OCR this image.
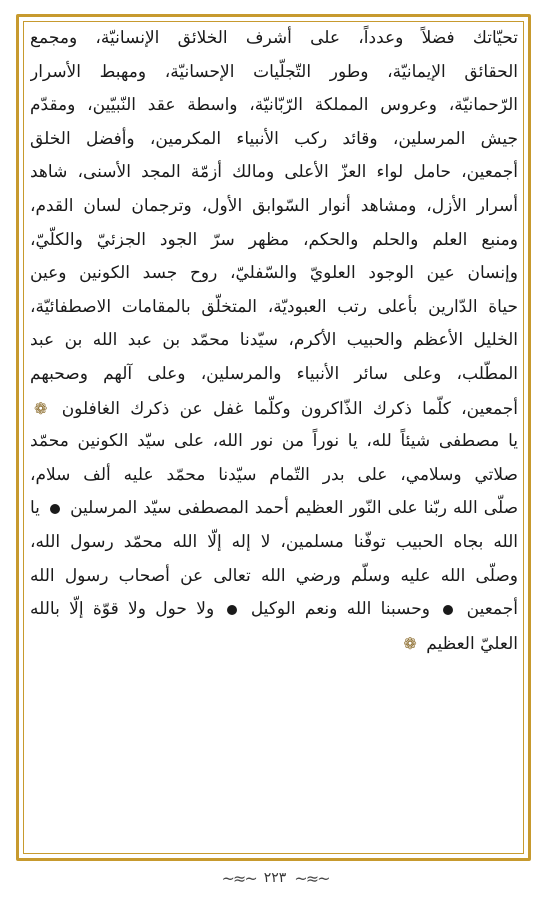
تحيّاتك فضلاً وعدداً، على أشرف الخلائق الإنسانيّة، ومجمع
الحقائق الإيمانيّة، وطور التّجلّيات الإحسانيّة، ومهبط الأسرار
الرّحمانيّة، وعروس المملكة الرّبّانيّة، واسطة عقد النّبيّين، ومقدّم
جيش المرسلين، وقائد ركب الأنبياء المكرمين، وأفضل الخلق
أجمعين، حامل لواء العزّ الأعلى ومالك أزمّة المجد الأسنى، شاهد
أسرار الأزل، ومشاهد أنوار السّوابق الأول، وترجمان لسان القدم،
ومنبع العلم والحلم والحكم، مظهر سرّ الجود الجزئيّ والكلّيّ،
وإنسان عين الوجود العلويّ والسّفليّ، روح جسد الكونين وعين
حياة الدّارين بأعلى رتب العبوديّة، المتخلّق بالمقامات الاصطفائيّة،
الخليل الأعظم والحبيب الأكرم، سيّدنا محمّد بن عبد الله بن عبد
المطّلب، وعلى سائر الأنبياء والمرسلين، وعلى آلهم وصحبهم
أجمعين، كلّما ذكرك الذّاكرون وكلّما غفل عن ذكرك الغافلون ❁
يا مصطفى شيئاً لله، يا نوراً من نور الله، على سيّد الكونين محمّد
صلاتي وسلامي، على بدر التّمام سيّدنا محمّد عليه ألف سلام،
صلّى الله ربّنا على النّور العظيم أحمد المصطفى سيّد المرسلين  يا
الله بجاه الحبيب توفّنا مسلمين، لا إله إلّا الله محمّد رسول الله،
وصلّى الله عليه وسلّم ورضي الله تعالى عن أصحاب رسول الله
أجمعين  وحسبنا الله ونعم الوكيل  ولا حول ولا قوّة إلّا بالله
العليّ العظيم ❁
~≈~ ٢٢٣ ~≈~
